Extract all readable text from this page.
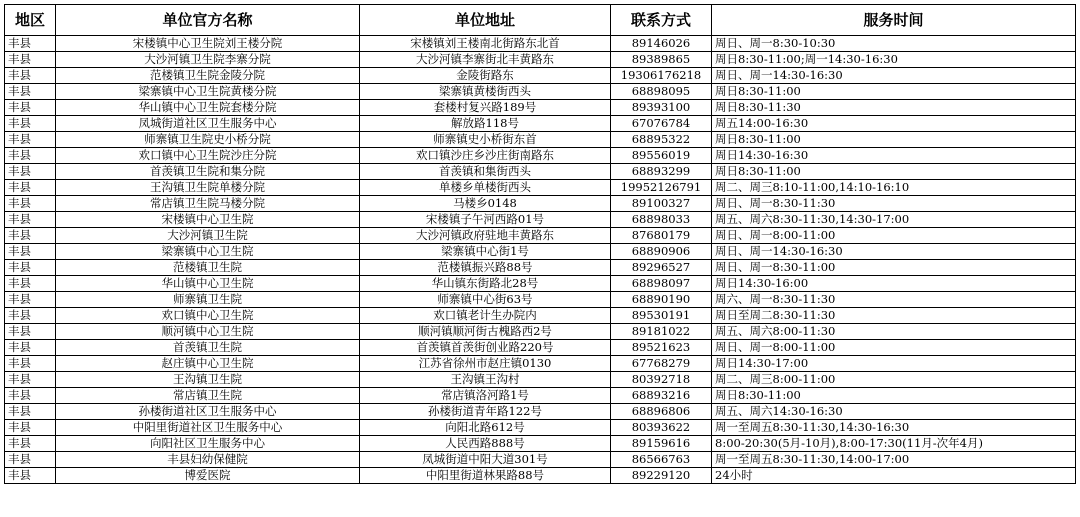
地区	单位官方名称	单位地址	联系方式	服务时间
丰县	宋楼镇中心卫生院刘王楼分院	宋楼镇刘王楼南北街路东北首	89146026	周日、周一8:30-10:30
丰县	大沙河镇卫生院李寨分院	大沙河镇李寨街北丰黄路东	89389865	周日8:30-11:00;周一14:30-16:30
丰县	范楼镇卫生院金陵分院	金陵街路东	19306176218	周日、周一14:30-16:30
丰县	梁寨镇中心卫生院黄楼分院	梁寨镇黄楼街西头	68898095	周日8:30-11:00
丰县	华山镇中心卫生院套楼分院	套楼村复兴路189号	89393100	周日8:30-11:30
丰县	凤城街道社区卫生服务中心	解放路118号	67076784	周五14:00-16:30
丰县	师寨镇卫生院史小桥分院	师寨镇史小桥街东首	68895322	周日8:30-11:00
丰县	欢口镇中心卫生院沙庄分院	欢口镇沙庄乡沙庄街南路东	89556019	周日14:30-16:30
丰县	首羡镇卫生院和集分院	首羡镇和集街西头	68893299	周日8:30-11:00
丰县	王沟镇卫生院单楼分院	单楼乡单楼街西头	19952126791	周二、周三8:10-11:00,14:10-16:10
丰县	常店镇卫生院马楼分院	马楼乡0148	89100327	周日、周一8:30-11:30
丰县	宋楼镇中心卫生院	宋楼镇子午河西路01号	68898033	周五、周六8:30-11:30,14:30-17:00
丰县	大沙河镇卫生院	大沙河镇政府驻地丰黄路东	87680179	周日、周一8:00-11:00
丰县	梁寨镇中心卫生院	梁寨镇中心街1号	68890906	周日、周一14:30-16:30
丰县	范楼镇卫生院	范楼镇振兴路88号	89296527	周日、周一8:30-11:00
丰县	华山镇中心卫生院	华山镇东街路北28号	68898097	周日14:30-16:00
丰县	师寨镇卫生院	师寨镇中心街63号	68890190	周六、周一8:30-11:30
丰县	欢口镇中心卫生院	欢口镇老计生办院内	89530191	周日至周二8:30-11:30
丰县	顺河镇中心卫生院	顺河镇顺河街古槐路西2号	89181022	周五、周六8:00-11:30
丰县	首羡镇卫生院	首羡镇首羡街创业路220号	89521623	周日、周一8:00-11:00
丰县	赵庄镇中心卫生院	江苏省徐州市赵庄镇0130	67768279	周日14:30-17:00
丰县	王沟镇卫生院	王沟镇王沟村	80392718	周二、周三8:00-11:00
丰县	常店镇卫生院	常店镇洛河路1号	68893216	周日8:30-11:00
丰县	孙楼街道社区卫生服务中心	孙楼街道青年路122号	68896806	周五、周六14:30-16:30
丰县	中阳里街道社区卫生服务中心	向阳北路612号	80393622	周一至周五8:30-11:30,14:30-16:30
丰县	向阳社区卫生服务中心	人民西路888号	89159616	8:00-20:30(5月-10月),8:00-17:30(11月-次年4月)
丰县	丰县妇幼保健院	凤城街道中阳大道301号	86566763	周一至周五8:30-11:30,14:00-17:00
丰县	博爱医院	中阳里街道林果路88号	89229120	24小时
